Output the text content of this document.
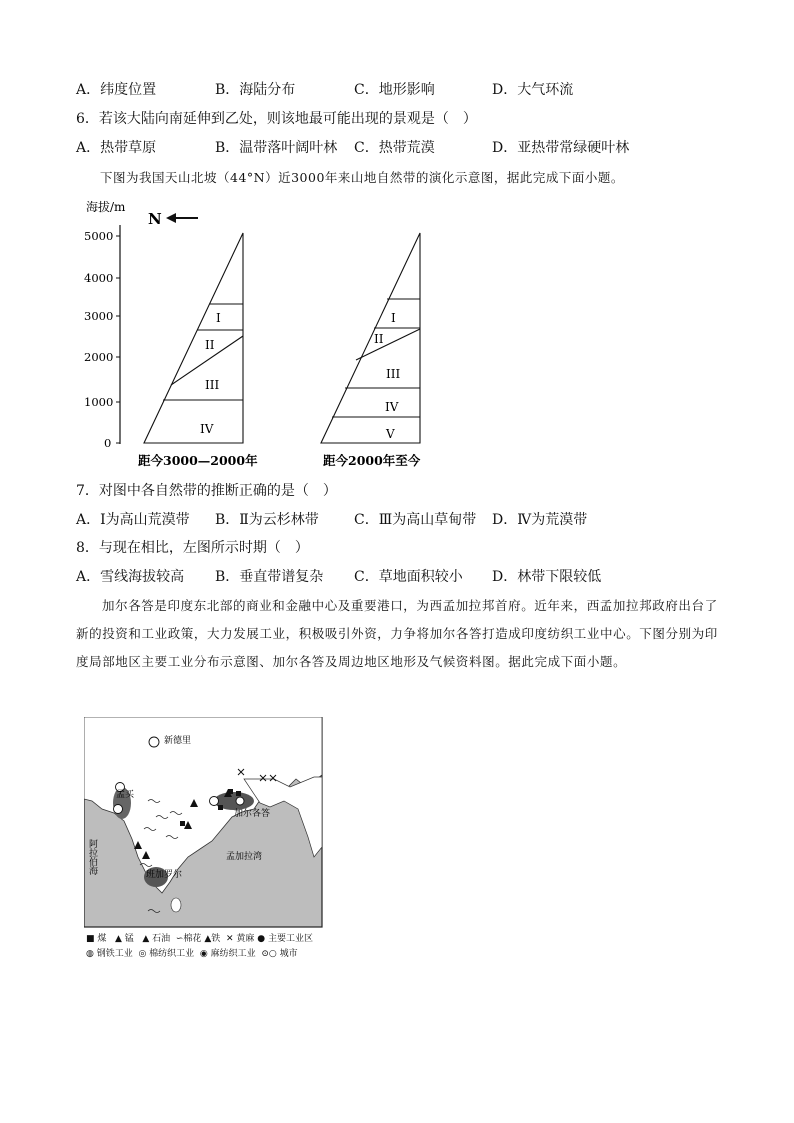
A．纬度位置	B．海陆分布	C．地形影响	D．大气环流
6．若该大陆向南延伸到乙处，则该地最可能出现的景观是（　）
A．热带草原	B．温带落叶阔叶林 C．热带荒漠	D．亚热带常绿硬叶林
下图为我国天山北坡（44°N）近3000年来山地自然带的演化示意图，据此完成下面小题。
海拔/m
5000
4000
3000
2000
1000
0
N
I
II
III
IV
距今3000—2000年
I
II
III
IV
V
距今2000年至今
7．对图中各自然带的推断正确的是（　）
A．Ⅰ为高山荒漠带 B．Ⅱ为云杉林带	C．Ⅲ为高山草甸带 D．Ⅳ为荒漠带
8．与现在相比，左图所示时期（　）
A．雪线海拔较高 B．垂直带谱复杂 C．草地面积较小 D．林带下限较低

加尔各答是印度东北部的商业和金融中心及重要港口，为西孟加拉邦首府。近年来，西孟加拉邦政府出台了新的投资和工业政策，大力发展工业，积极吸引外资，力争将加尔各答打造成印度纺织工业中心。下图分别为印度局部地区主要工业分布示意图、加尔各答及周边地区地形及气候资料图。据此完成下面小题。

新德里
孟买
加尔各答
孟加拉湾
班加罗尔
阿拉伯海
■ 煤 ▲ 锰 ▲ 石油 ∽棉花 ▲铁 ✕ 黄麻 ● 主要工业区
◍ 钢铁工业 ◎ 棉纺织工业 ◉ 麻纺织工业 ⊙○ 城市
